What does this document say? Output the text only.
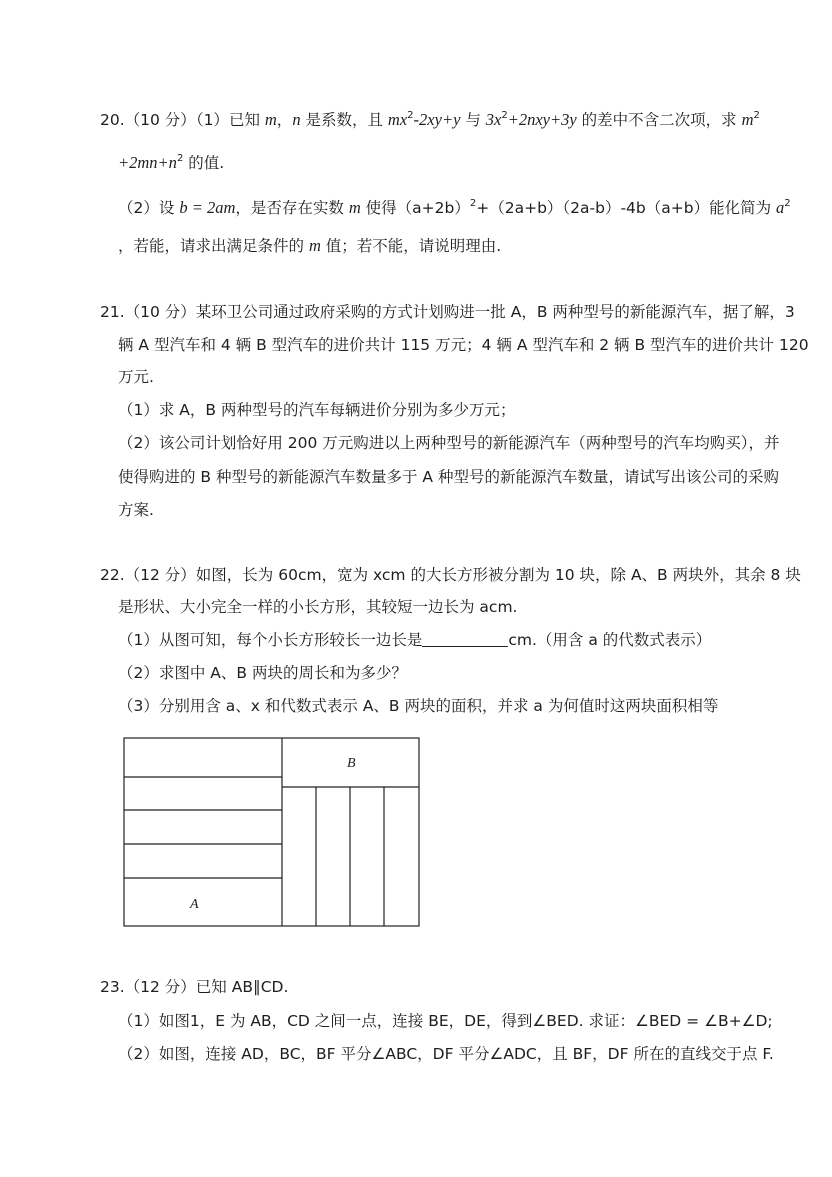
20.（10 分）（1）已知 m，n 是系数，且 $mx^2-2xy+y$ 与 $3x^2+2nxy+3y$ 的差中不含二次项，求 $m^2$
$+2mn+n^2$ 的值.
（2）设 b = 2am，是否存在实数 m 使得$(a+2b)^2+(2a+b)(2a-b)-4b(a+b)$能化简为 $a^2$
，若能，请求出满足条件的 m 值；若不能，请说明理由.
21.（10 分）某环卫公司通过政府采购的方式计划购进一批 A，B 两种型号的新能源汽车，据了解，3
辆 A 型汽车和 4 辆 B 型汽车的进价共计 115 万元；4 辆 A 型汽车和 2 辆 B 型汽车的进价共计 120
万元.
（1）求 A，B 两种型号的汽车每辆进价分别为多少万元；
（2）该公司计划恰好用 200 万元购进以上两种型号的新能源汽车（两种型号的汽车均购买），并
使得购进的 B 种型号的新能源汽车数量多于 A 种型号的新能源汽车数量，请试写出该公司的采购
方案.
22.（12 分）如图，长为 60cm，宽为 xcm 的大长方形被分割为 10 块，除 A、B 两块外，其余 8 块
是形状、大小完全一样的小长方形，其较短一边长为 acm.
（1）从图可知，每个小长方形较长一边长是	cm.（用含 a 的代数式表示）
（2）求图中 A、B 两块的周长和为多少？
（3）分别用含 a、x 和代数式表示 A、B 两块的面积，并求 a 为何值时这两块面积相等
B
A
23.（12 分）已知 AB∥CD.
（1）如图1，E 为 AB，CD 之间一点，连接 BE，DE，得到∠BED. 求证：∠BED = ∠B+∠D;
（2）如图，连接 AD，BC，BF 平分∠ABC，DF 平分∠ADC，且 BF，DF 所在的直线交于点 F.
